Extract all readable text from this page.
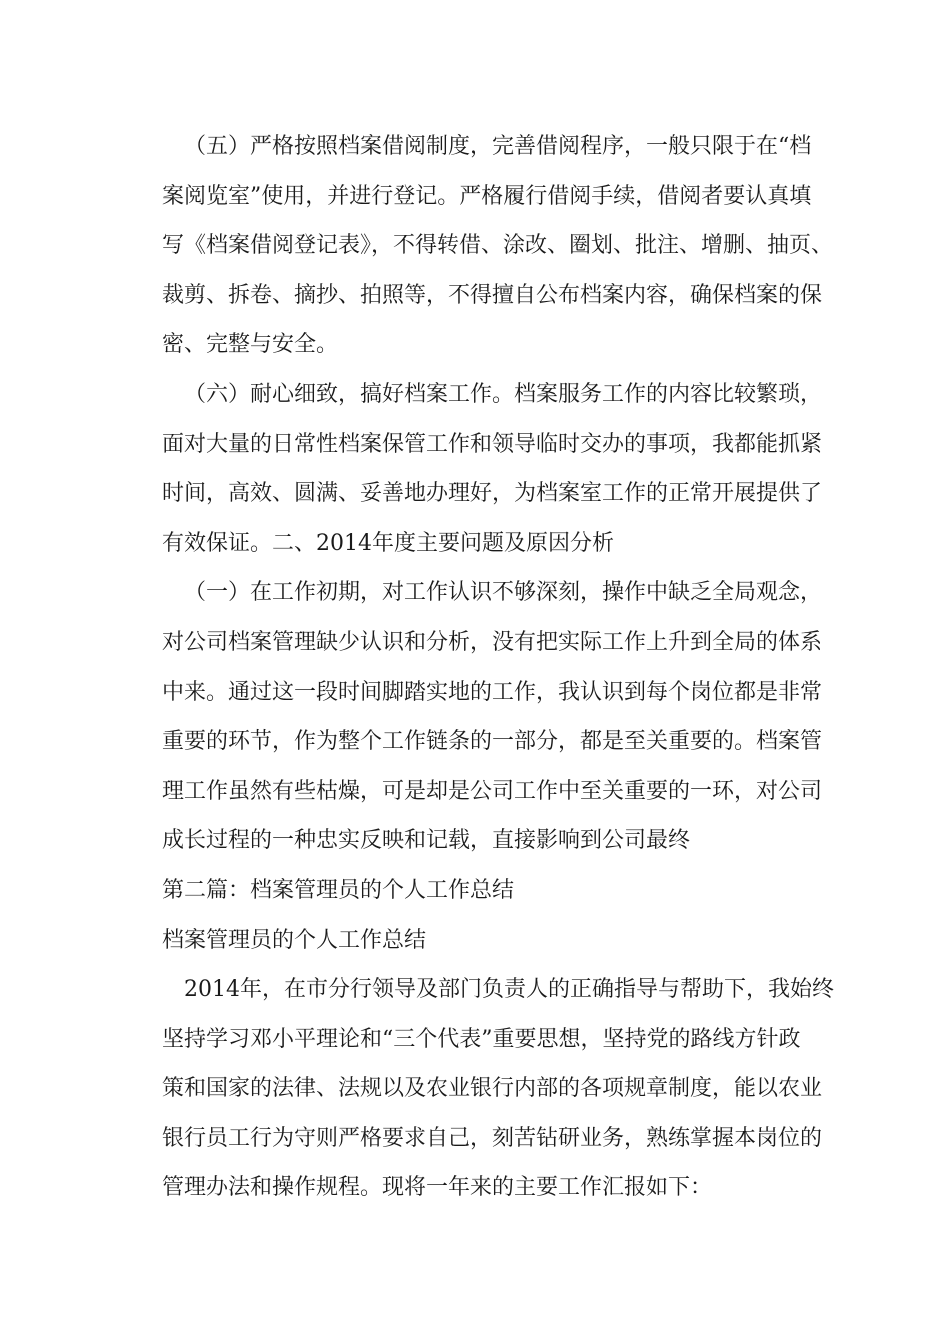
（五）严格按照档案借阅制度，完善借阅程序，一般只限于在“档
案阅览室”使用，并进行登记。严格履行借阅手续，借阅者要认真填
写《档案借阅登记表》，不得转借、涂改、圈划、批注、增删、抽页、
裁剪、拆卷、摘抄、拍照等，不得擅自公布档案内容，确保档案的保
密、完整与安全。
（六）耐心细致，搞好档案工作。档案服务工作的内容比较繁琐，
面对大量的日常性档案保管工作和领导临时交办的事项，我都能抓紧
时间，高效、圆满、妥善地办理好，为档案室工作的正常开展提供了
有效保证。二、2014年度主要问题及原因分析
（一）在工作初期，对工作认识不够深刻，操作中缺乏全局观念，
对公司档案管理缺少认识和分析，没有把实际工作上升到全局的体系
中来。通过这一段时间脚踏实地的工作，我认识到每个岗位都是非常
重要的环节，作为整个工作链条的一部分，都是至关重要的。档案管
理工作虽然有些枯燥，可是却是公司工作中至关重要的一环，对公司
成长过程的一种忠实反映和记载，直接影响到公司最终
第二篇：档案管理员的个人工作总结
档案管理员的个人工作总结
2014年，在市分行领导及部门负责人的正确指导与帮助下，我始终
坚持学习邓小平理论和“三个代表”重要思想，坚持党的路线方针政
策和国家的法律、法规以及农业银行内部的各项规章制度，能以农业
银行员工行为守则严格要求自己，刻苦钻研业务，熟练掌握本岗位的
管理办法和操作规程。现将一年来的主要工作汇报如下：
